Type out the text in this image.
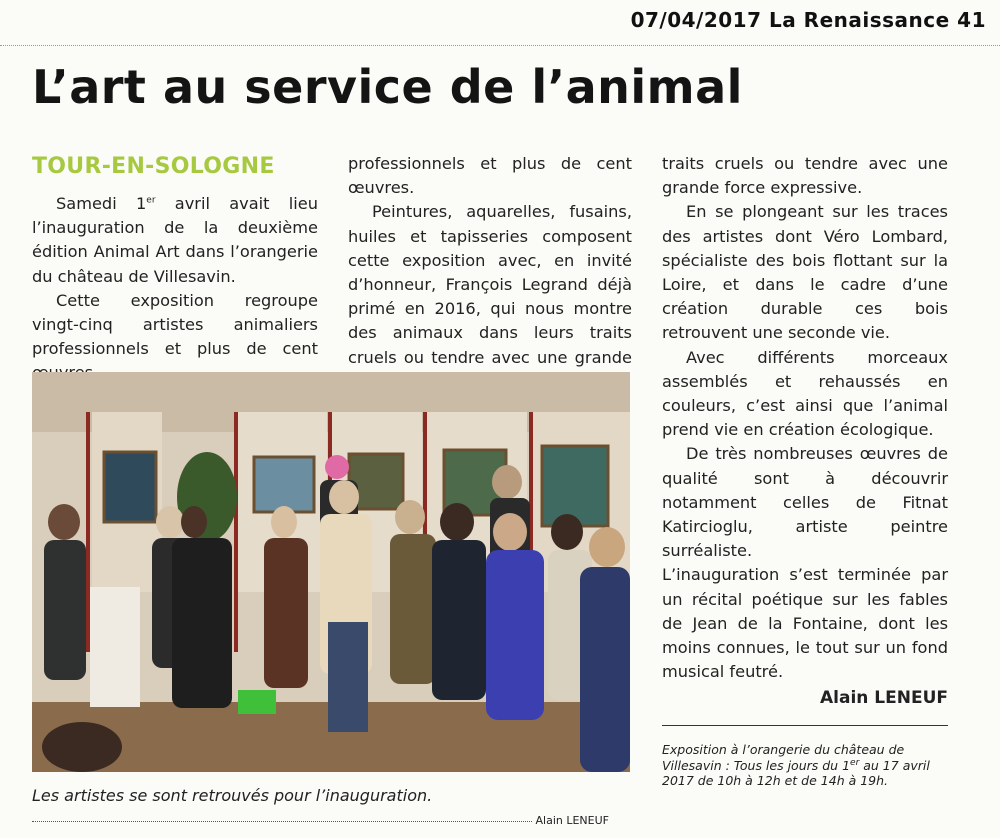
07/04/2017 La Renaissance 41
L’art au service de l’animal
TOUR-EN-SOLOGNE

Samedi 1er avril avait lieu l’inauguration de la deuxième édition Animal Art dans l’orangerie du château de Villesavin.

Cette exposition regroupe vingt-cinq artistes animaliers professionnels et plus de cent

professionnels et plus de cent œuvres.

Peintures, aquarelles, fusains, huiles et tapisseries composent cette exposition avec, en invité d’honneur, François Legrand déjà primé en 2016, qui nous montre des animaux dans leurs traits cruels ou tendre avec une grande

traits cruels ou tendre avec une grande force expressive.

En se plongeant sur les traces des artistes dont Véro Lombard, spécialiste des bois flottant sur la Loire, et dans le cadre d’une création durable ces bois retrouvent une seconde vie.

Avec différents morceaux assemblés et rehaussés en couleurs, c’est ainsi que l’animal prend vie en création écologique.

De très nombreuses œuvres de qualité sont à découvrir notamment celles de Fitnat Katircioglu, artiste peintre surréaliste.

L’inauguration s’est terminée par un récital poétique sur les fables de Jean de la Fontaine, dont les moins connues, le tout sur un fond musical feutré.

Alain LENEUF
Les artistes se sont retrouvés pour l’inauguration.
Alain LENEUF
Exposition à l’orangerie du château de Villesavin : Tous les jours du 1er au 17 avril 2017 de 10h à 12h et de 14h à 19h.
